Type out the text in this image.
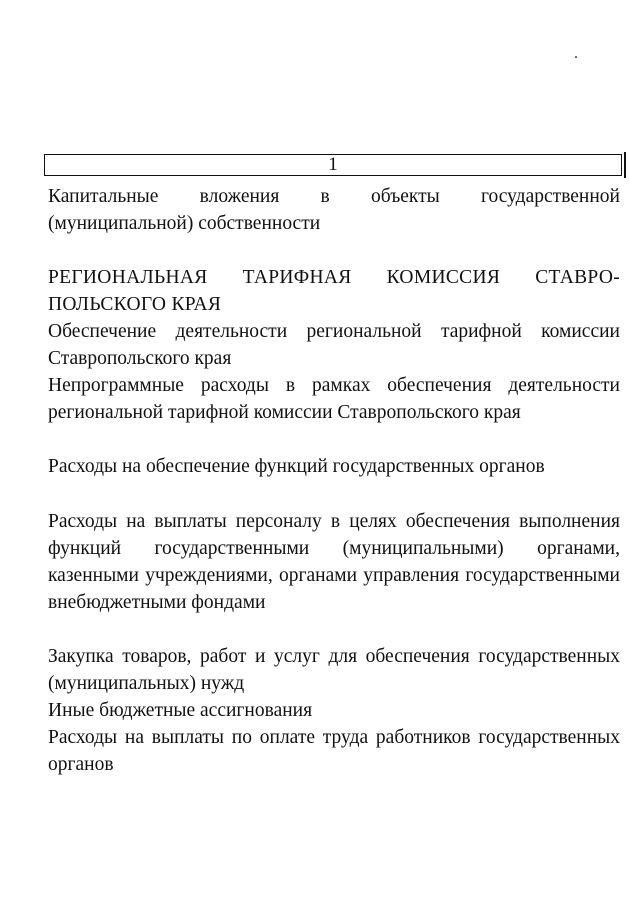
1

Капитальные вложения в объекты государственной (муниципальной) собственности

РЕГИОНАЛЬНАЯ ТАРИФНАЯ КОМИССИЯ СТАВРО-ПОЛЬСКОГО КРАЯ

Обеспечение деятельности региональной тарифной комиссии Ставропольского края

Непрограммные расходы в рамках обеспечения деятельности региональной тарифной комиссии Ставропольского края

Расходы на обеспечение функций государственных органов

Расходы на выплаты персоналу в целях обеспечения выполнения функций государственными (муниципальными) органами, казенными учреждениями, органами управления государственными внебюджетными фондами

Закупка товаров, работ и услуг для обеспечения государственных (муниципальных) нужд

Иные бюджетные ассигнования

Расходы на выплаты по оплате труда работников государственных органов
